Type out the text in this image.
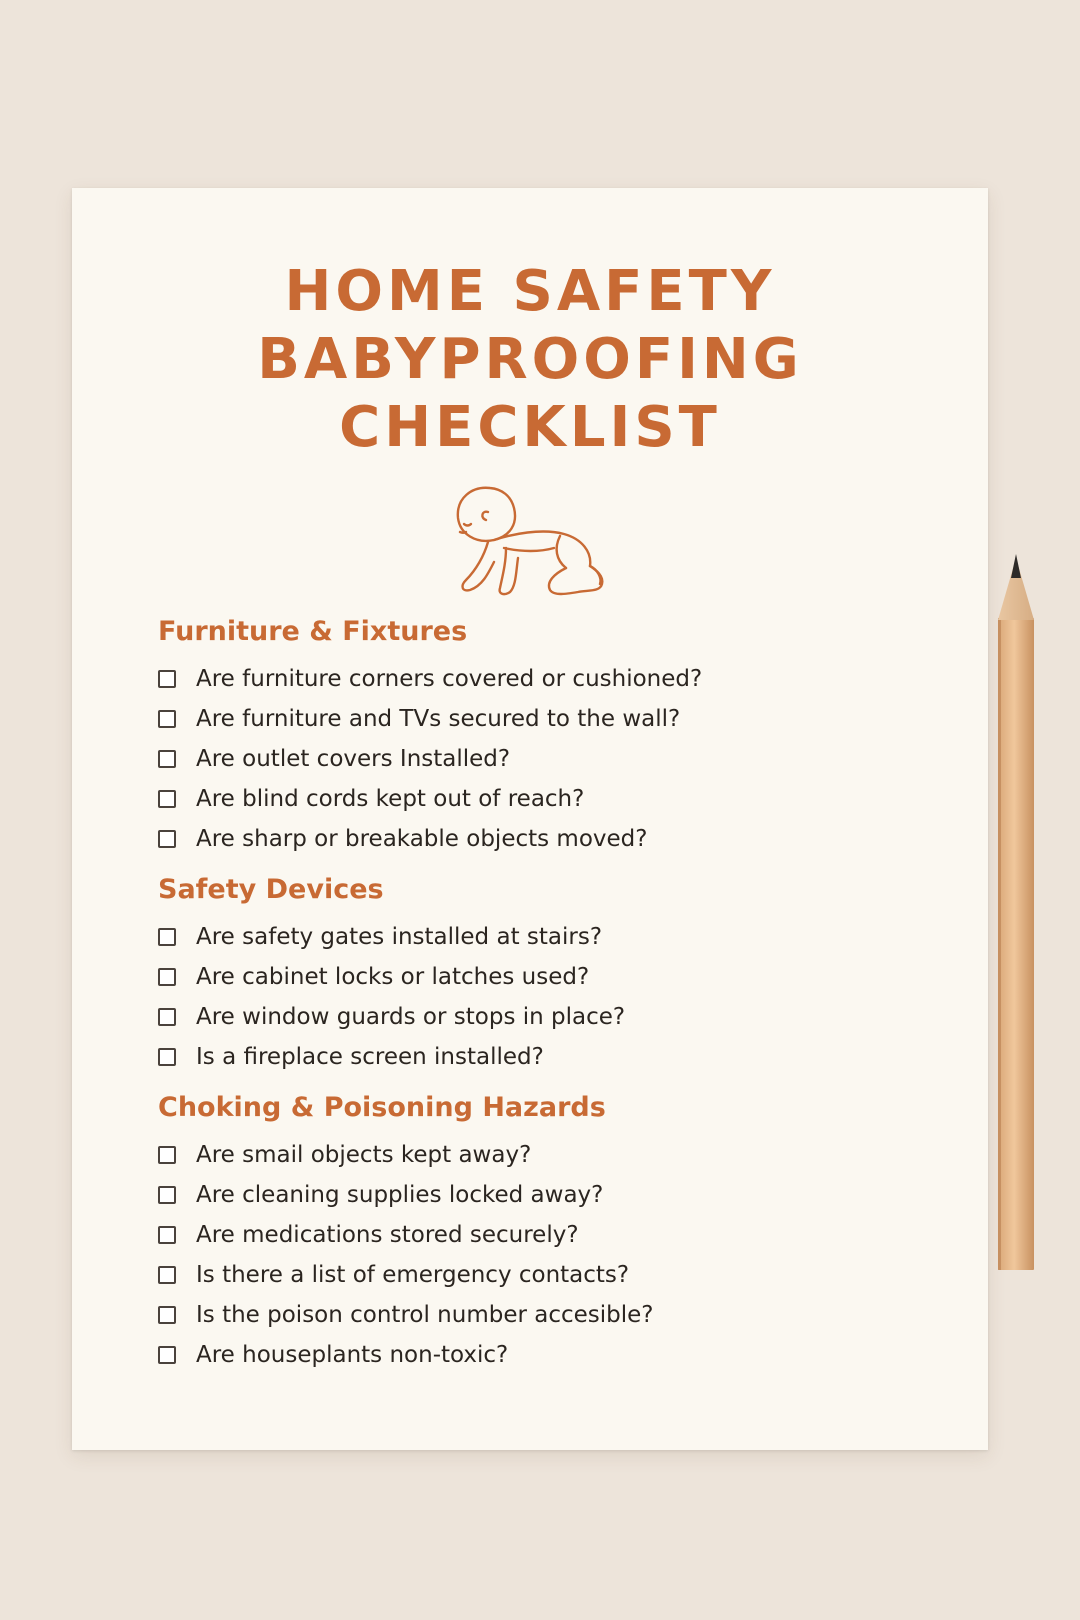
HOME SAFETY
BABYPROOFING
CHECKLIST
Furniture & Fixtures
Are furniture corners covered or cushioned?
Are furniture and TVs secured to the wall?
Are outlet covers Installed?
Are blind cords kept out of reach?
Are sharp or breakable objects moved?
Safety Devices
Are safety gates installed at stairs?
Are cabinet locks or latches used?
Are window guards or stops in place?
Is a fireplace screen installed?
Choking & Poisoning Hazards
Are smail objects kept away?
Are cleaning supplies locked away?
Are medications stored securely?
Is there a list of emergency contacts?
Is the poison control number accesible?
Are houseplants non-toxic?
